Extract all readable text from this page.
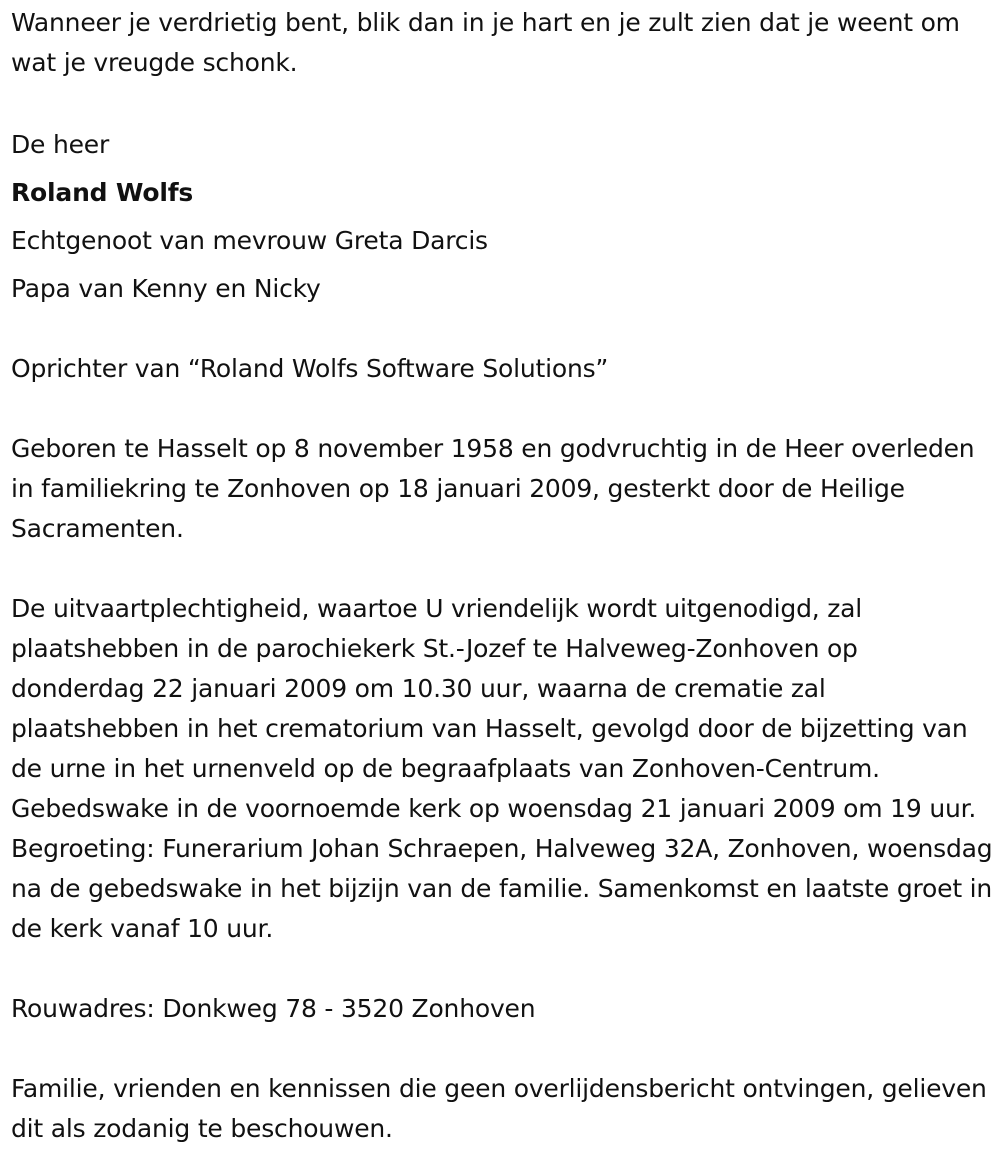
Wanneer je verdrietig bent, blik dan in je hart en je zult zien dat je weent om wat je vreugde schonk.

De heer

Roland Wolfs

Echtgenoot van mevrouw Greta Darcis

Papa van Kenny en Nicky

Oprichter van “Roland Wolfs Software Solutions”

Geboren te Hasselt op 8 november 1958 en godvruchtig in de Heer overleden in familiekring te Zonhoven op 18 januari 2009, gesterkt door de Heilige Sacramenten.

De uitvaartplechtigheid, waartoe U vriendelijk wordt uitgenodigd, zal plaatshebben in de parochiekerk St.-Jozef te Halveweg-Zonhoven op donderdag 22 januari 2009 om 10.30 uur, waarna de crematie zal plaatshebben in het crematorium van Hasselt, gevolgd door de bijzetting van de urne in het urnenveld op de begraafplaats van Zonhoven-Centrum. Gebedswake in de voornoemde kerk op woensdag 21 januari 2009 om 19 uur. Begroeting: Funerarium Johan Schraepen, Halveweg 32A, Zonhoven, woensdag na de gebedswake in het bijzijn van de familie. Samenkomst en laatste groet in de kerk vanaf 10 uur.

Rouwadres: Donkweg 78 - 3520 Zonhoven

Familie, vrienden en kennissen die geen overlijdensbericht ontvingen, gelieven dit als zodanig te beschouwen.
